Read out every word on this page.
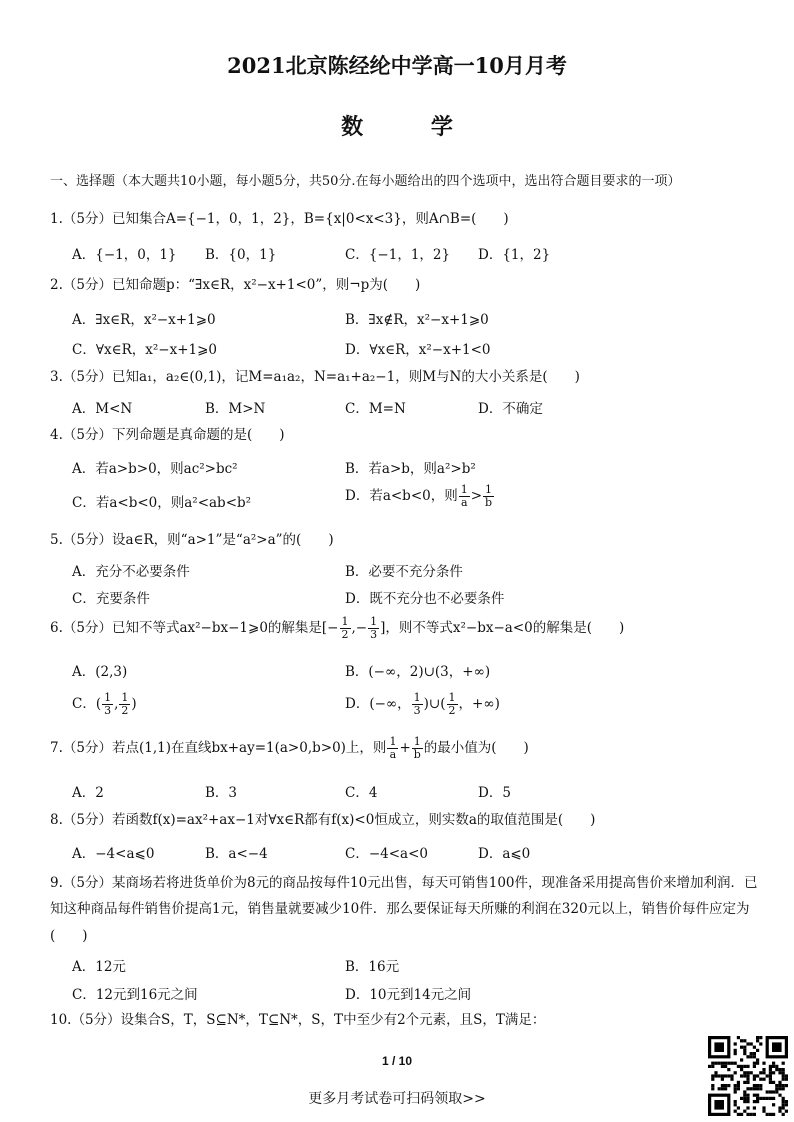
2021北京陈经纶中学高一10月月考
数 学
一、选择题（本大题共10小题，每小题5分，共50分.在每小题给出的四个选项中，选出符合题目要求的一项）
1.（5分）已知集合A={−1，0，1，2}，B={x|0<x<3}，则A∩B=(　　)
A．{−1，0，1} B．{0，1}	C．{−1，1，2} D．{1，2}
2.（5分）已知命题p：“∃x∈R，x²−x+1<0”，则¬p为(　　)
A．∃x∈R，x²−x+1⩾0	B．∃x∉R，x²−x+1⩾0
C．∀x∈R，x²−x+1⩾0	D．∀x∈R，x²−x+1<0
3.（5分）已知a₁，a₂∈(0,1)，记M=a₁a₂，N=a₁+a₂−1，则M与N的大小关系是(　　)
A．M<N	B．M>N	C．M=N	D．不确定
4.（5分）下列命题是真命题的是(　　)
A．若a>b>0，则ac²>bc²	B．若a>b，则a²>b²
C．若a<b<0，则a²<ab<b²	D．若a<b<0，则 $\frac{1}{a} > \frac{1}{b}$
5.（5分）设a∈R，则“a>1”是“a²>a”的(　　)
A．充分不必要条件	B．必要不充分条件
C．充要条件	D．既不充分也不必要条件
6.（5分）已知不等式ax²−bx−1⩾0的解集是[− $\frac{1}{2}$ ,− $\frac{1}{3}$ ]，则不等式x²−bx−a<0的解集是(　　)
A．(2,3)	B．(−∞，2)∪(3，+∞)
C．( $\frac{1}{3}$ , $\frac{1}{2}$ )	D．(−∞， $\frac{1}{3}$ )∪( $\frac{1}{2}$ ，+∞)
7.（5分）若点(1,1)在直线bx+ay=1(a>0,b>0)上，则 $\frac{1}{a} + \frac{1}{b}$ 的最小值为(　　)
A．2	B．3	C．4	D．5
8.（5分）若函数f(x)=ax²+ax−1对∀x∈R都有f(x)<0恒成立，则实数a的取值范围是(　　)
A．−4<a⩽0	B．a<−4	C．−4<a<0	D．a⩽0
9.（5分）某商场若将进货单价为8元的商品按每件10元出售，每天可销售100件，现准备采用提高售价来增加利润．已知这种商品每件销售价提高1元，销售量就要减少10件．那么要保证每天所赚的利润在320元以上，销售价每件应定为(　　)
A．12元	B．16元
C．12元到16元之间	D．10元到14元之间
10.（5分）设集合S，T，S⊆N*，T⊆N*，S，T中至少有2个元素，且S，T满足：
1 / 10
更多月考试卷可扫码领取>>
